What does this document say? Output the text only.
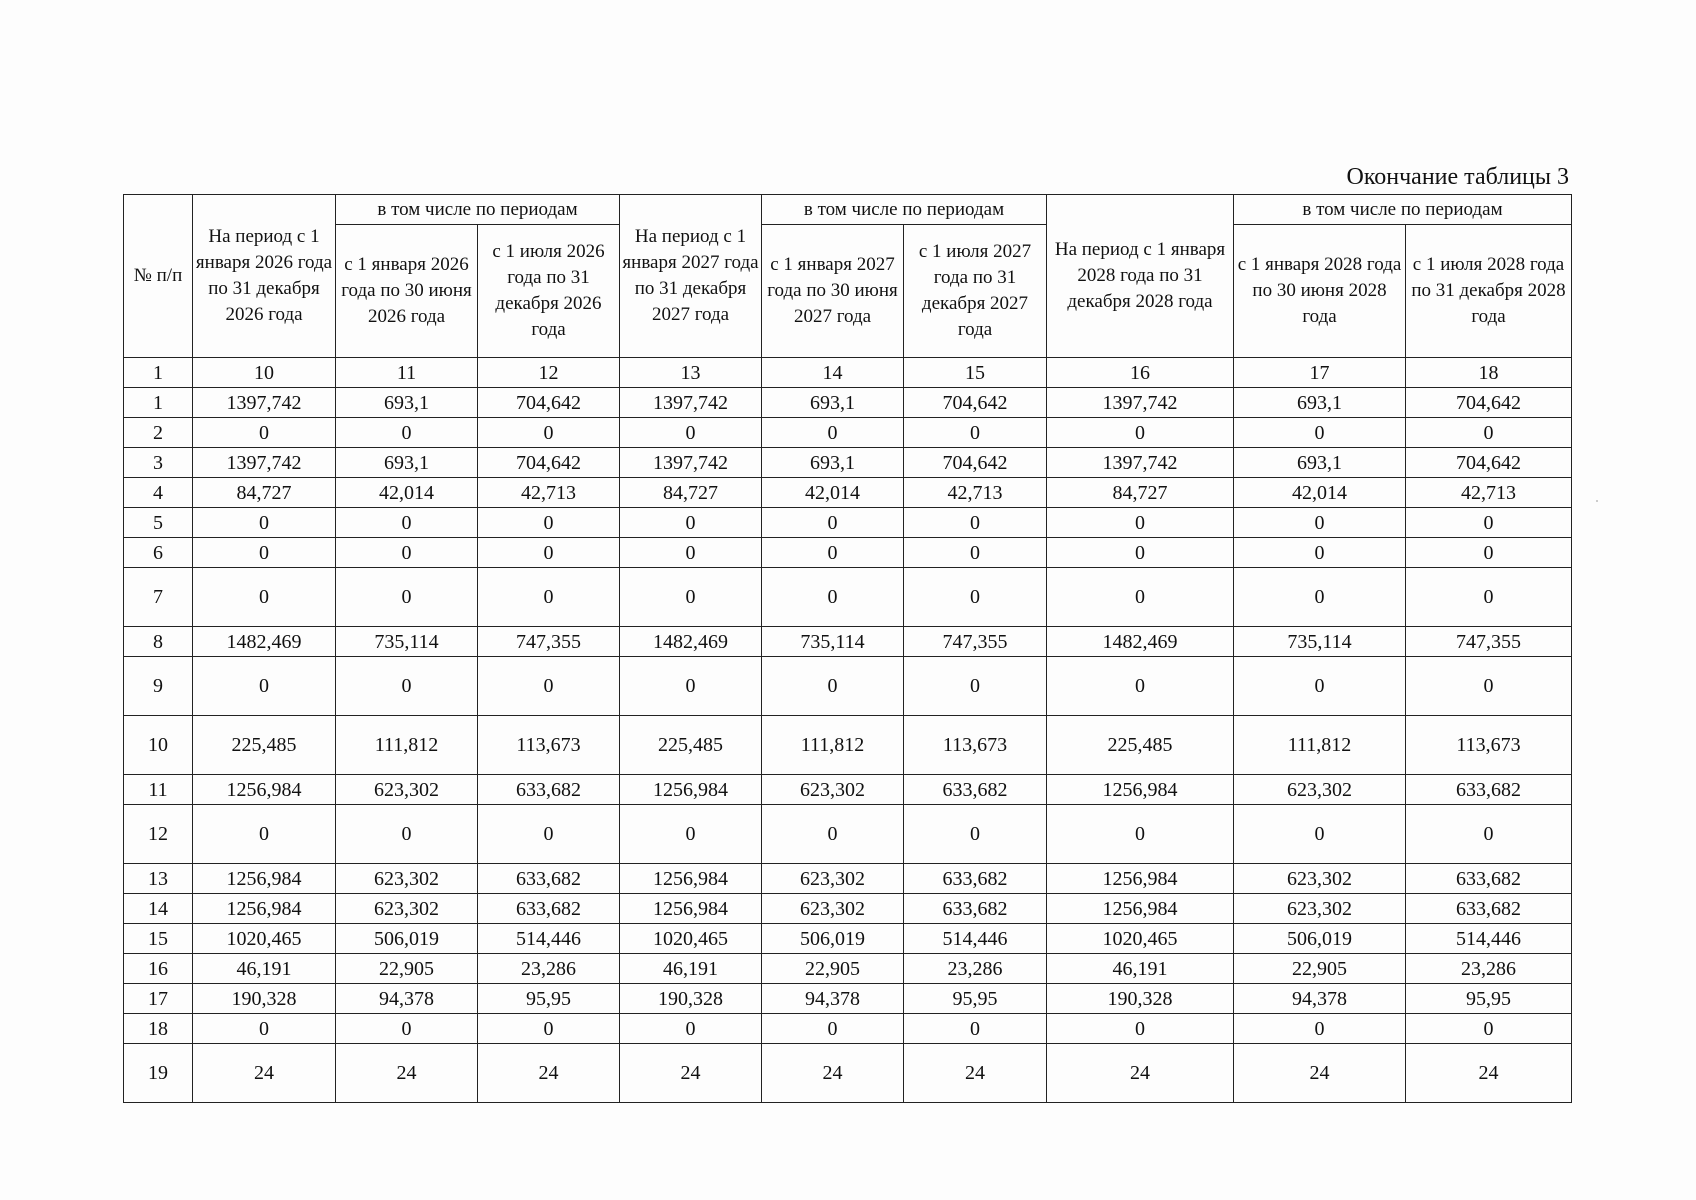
Окончание таблицы 3
№ п/п	На период с 1 января 2026 года по 31 декабря 2026 года	в том числе по периодам		На период с 1 января 2027 года по 31 декабря 2027 года	в том числе по периодам		На период с 1 января 2028 года по 31 декабря 2028 года	в том числе по периодам	
		с 1 января 2026 года по 30 июня 2026 года	с 1 июля 2026 года по 31 декабря 2026 года		с 1 января 2027 года по 30 июня 2027 года	с 1 июля 2027 года по 31 декабря 2027 года		с 1 января 2028 года по 30 июня 2028 года	с 1 июля 2028 года по 31 декабря 2028 года
1	10	11	12	13	14	15	16	17	18
1	1397,742	693,1	704,642	1397,742	693,1	704,642	1397,742	693,1	704,642
2	0	0	0	0	0	0	0	0	0
3	1397,742	693,1	704,642	1397,742	693,1	704,642	1397,742	693,1	704,642
4	84,727	42,014	42,713	84,727	42,014	42,713	84,727	42,014	42,713
5	0	0	0	0	0	0	0	0	0
6	0	0	0	0	0	0	0	0	0
7	0	0	0	0	0	0	0	0	0
8	1482,469	735,114	747,355	1482,469	735,114	747,355	1482,469	735,114	747,355
9	0	0	0	0	0	0	0	0	0
10	225,485	111,812	113,673	225,485	111,812	113,673	225,485	111,812	113,673
11	1256,984	623,302	633,682	1256,984	623,302	633,682	1256,984	623,302	633,682
12	0	0	0	0	0	0	0	0	0
13	1256,984	623,302	633,682	1256,984	623,302	633,682	1256,984	623,302	633,682
14	1256,984	623,302	633,682	1256,984	623,302	633,682	1256,984	623,302	633,682
15	1020,465	506,019	514,446	1020,465	506,019	514,446	1020,465	506,019	514,446
16	46,191	22,905	23,286	46,191	22,905	23,286	46,191	22,905	23,286
17	190,328	94,378	95,95	190,328	94,378	95,95	190,328	94,378	95,95
18	0	0	0	0	0	0	0	0	0
19	24	24	24	24	24	24	24	24	24
